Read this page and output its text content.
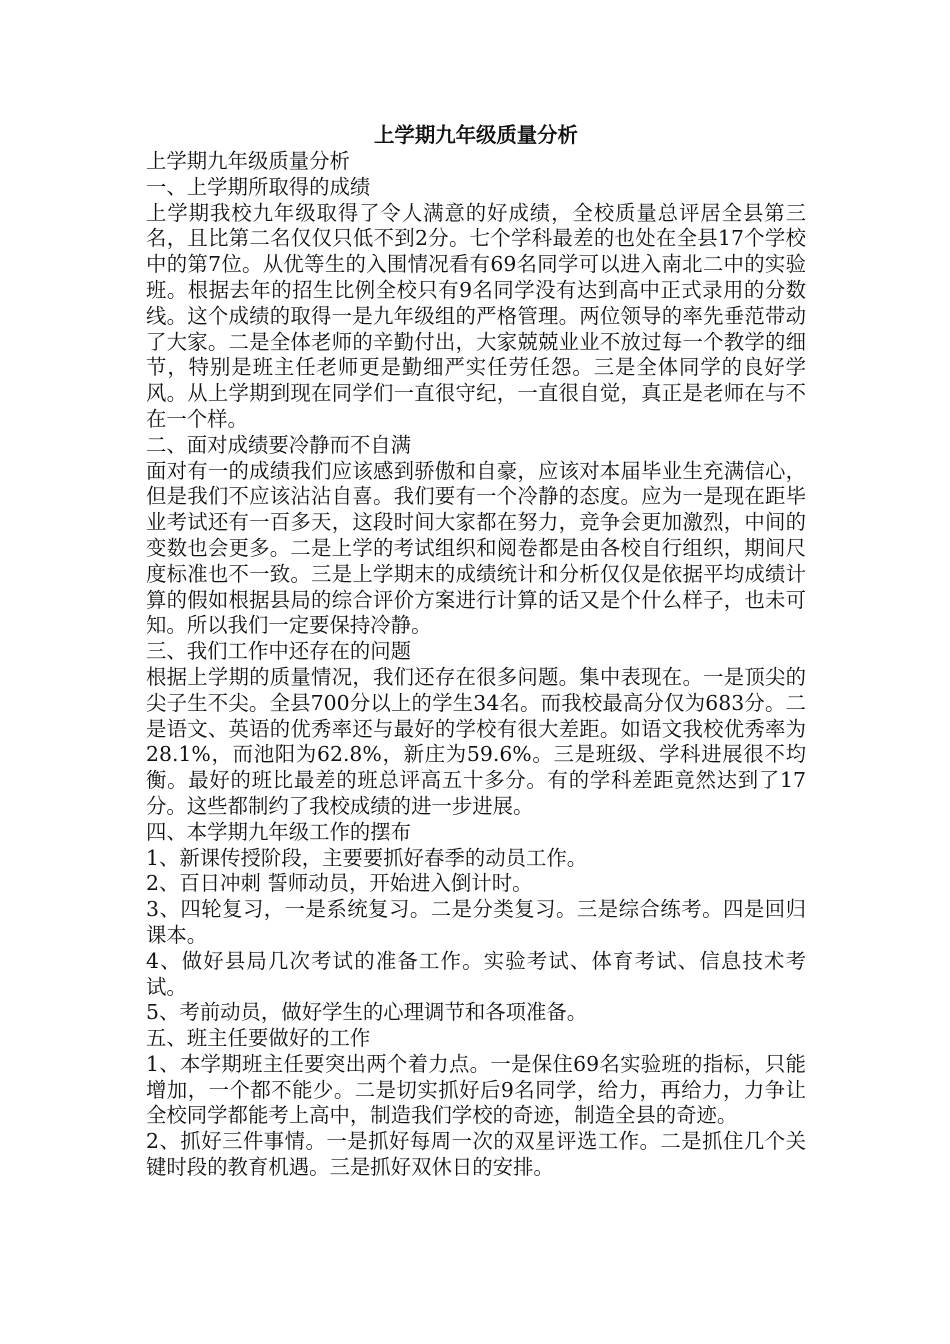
上学期九年级质量分析

上学期九年级质量分析

一、上学期所取得的成绩

上学期我校九年级取得了令人满意的好成绩，全校质量总评居全县第三名，且比第二名仅仅只低不到2分。七个学科最差的也处在全县17个学校中的第7位。从优等生的入围情况看有69名同学可以进入南北二中的实验班。根据去年的招生比例全校只有9名同学没有达到高中正式录用的分数线。这个成绩的取得一是九年级组的严格管理。两位领导的率先垂范带动了大家。二是全体老师的辛勤付出，大家兢兢业业不放过每一个教学的细节，特别是班主任老师更是勤细严实任劳任怨。三是全体同学的良好学风。从上学期到现在同学们一直很守纪，一直很自觉，真正是老师在与不在一个样。

二、面对成绩要冷静而不自满

面对有一的成绩我们应该感到骄傲和自豪，应该对本届毕业生充满信心，但是我们不应该沾沾自喜。我们要有一个冷静的态度。应为一是现在距毕业考试还有一百多天，这段时间大家都在努力，竞争会更加激烈，中间的变数也会更多。二是上学的考试组织和阅卷都是由各校自行组织，期间尺度标准也不一致。三是上学期末的成绩统计和分析仅仅是依据平均成绩计算的假如根据县局的综合评价方案进行计算的话又是个什么样子，也未可知。所以我们一定要保持冷静。

三、我们工作中还存在的问题

根据上学期的质量情况，我们还存在很多问题。集中表现在。一是顶尖的尖子生不尖。全县700分以上的学生34名。而我校最高分仅为683分。二是语文、英语的优秀率还与最好的学校有很大差距。如语文我校优秀率为28.1%，而池阳为62.8%，新庄为59.6%。三是班级、学科进展很不均衡。最好的班比最差的班总评高五十多分。有的学科差距竟然达到了17分。这些都制约了我校成绩的进一步进展。

四、本学期九年级工作的摆布

1、新课传授阶段，主要要抓好春季的动员工作。

2、百日冲刺 誓师动员，开始进入倒计时。

3、四轮复习，一是系统复习。二是分类复习。三是综合练考。四是回归课本。

4、做好县局几次考试的准备工作。实验考试、体育考试、信息技术考试。

5、考前动员，做好学生的心理调节和各项准备。

五、班主任要做好的工作

1、本学期班主任要突出两个着力点。一是保住69名实验班的指标，只能增加，一个都不能少。二是切实抓好后9名同学，给力，再给力，力争让全校同学都能考上高中，制造我们学校的奇迹，制造全县的奇迹。

2、抓好三件事情。一是抓好每周一次的双星评选工作。二是抓住几个关键时段的教育机遇。三是抓好双休日的安排。
